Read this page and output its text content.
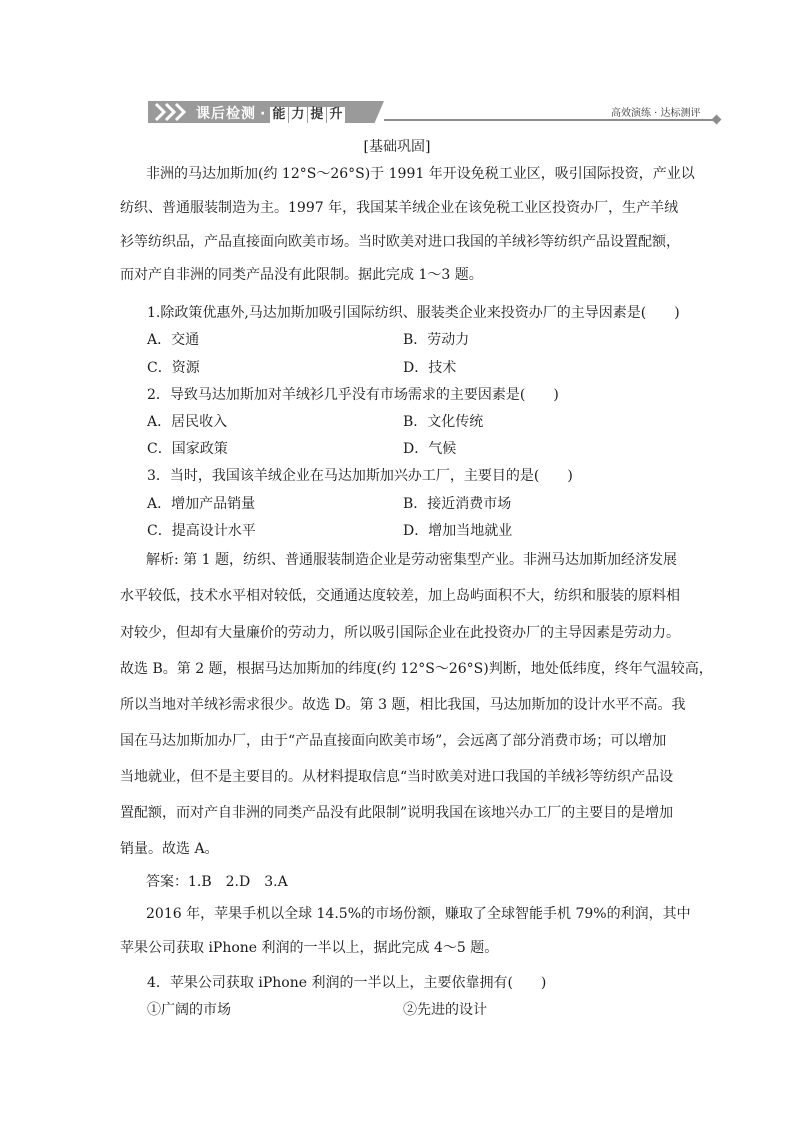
课后检测 · 能 力 提 升	高效演练 · 达标测评
[基础巩固]
非洲的马达加斯加(约 12°S～26°S)于 1991 年开设免税工业区，吸引国际投资，产业以
纺织、普通服装制造为主。1997 年，我国某羊绒企业在该免税工业区投资办厂，生产羊绒
衫等纺织品，产品直接面向欧美市场。当时欧美对进口我国的羊绒衫等纺织产品设置配额，
而对产自非洲的同类产品没有此限制。据此完成 1～3 题。
1.除政策优惠外,马达加斯加吸引国际纺织、服装类企业来投资办厂的主导因素是(　　)
A．交通	B．劳动力
C．资源	D．技术
2．导致马达加斯加对羊绒衫几乎没有市场需求的主要因素是(　　)
A．居民收入	B．文化传统
C．国家政策	D．气候
3．当时，我国该羊绒企业在马达加斯加兴办工厂，主要目的是(　　)
A．增加产品销量	B．接近消费市场
C．提高设计水平	D．增加当地就业
解析: 第 1 题，纺织、普通服装制造企业是劳动密集型产业。非洲马达加斯加经济发展
水平较低，技术水平相对较低，交通通达度较差，加上岛屿面积不大，纺织和服装的原料相
对较少，但却有大量廉价的劳动力，所以吸引国际企业在此投资办厂的主导因素是劳动力。
故选 B。第 2 题，根据马达加斯加的纬度(约 12°S～26°S)判断，地处低纬度，终年气温较高，
所以当地对羊绒衫需求很少。故选 D。第 3 题，相比我国，马达加斯加的设计水平不高。我
国在马达加斯加办厂，由于“产品直接面向欧美市场”，会远离了部分消费市场；可以增加
当地就业，但不是主要目的。从材料提取信息“当时欧美对进口我国的羊绒衫等纺织产品设
置配额，而对产自非洲的同类产品没有此限制”说明我国在该地兴办工厂的主要目的是增加
销量。故选 A。
答案：1.B　2.D　3.A
2016 年，苹果手机以全球 14.5%的市场份额，赚取了全球智能手机 79%的利润，其中
苹果公司获取 iPhone 利润的一半以上，据此完成 4～5 题。
4．苹果公司获取 iPhone 利润的一半以上，主要依靠拥有(　　)
①广阔的市场	②先进的设计
